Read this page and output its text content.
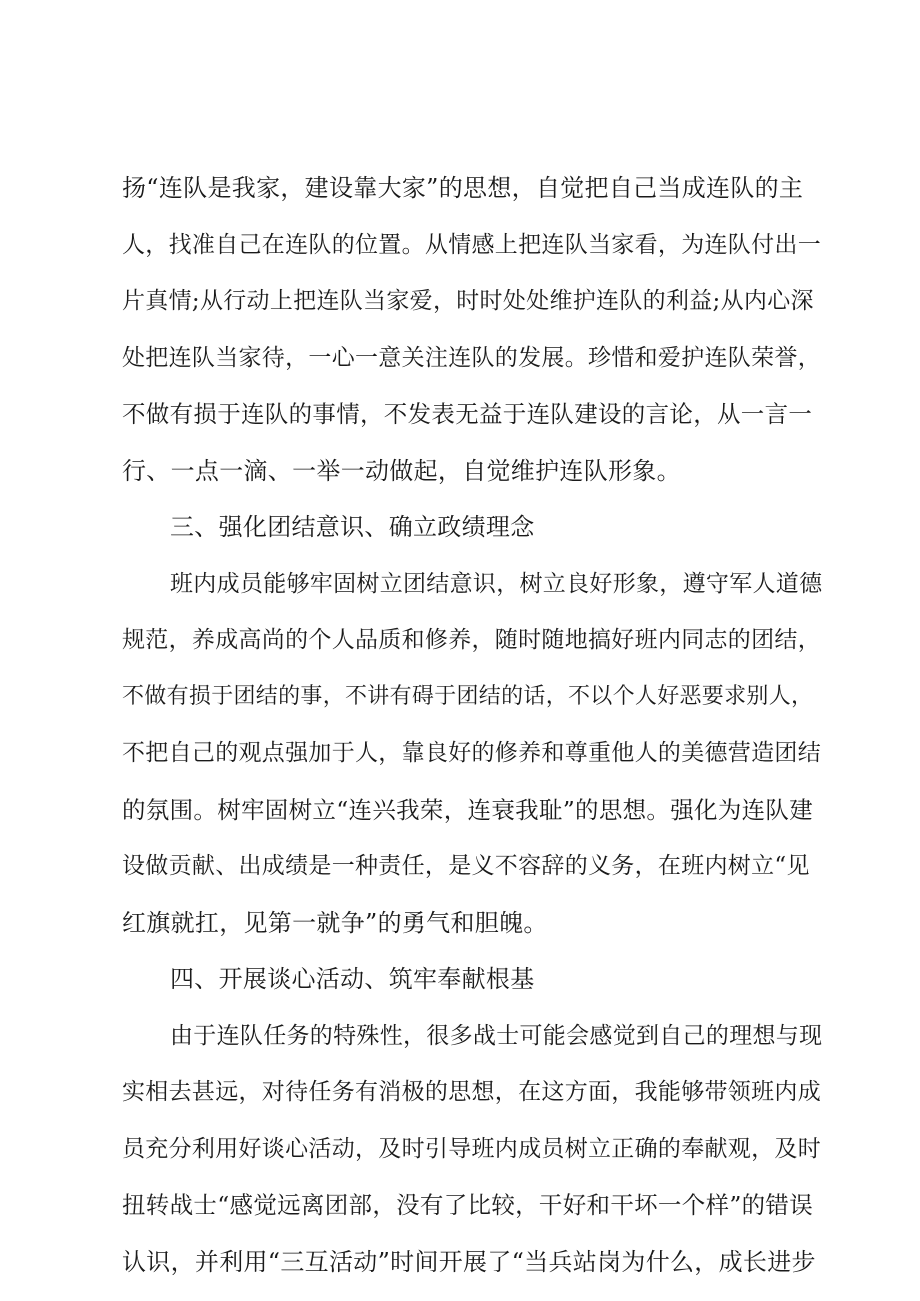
扬“连队是我家，建设靠大家”的思想，自觉把自己当成连队的主
人，找准自己在连队的位置。从情感上把连队当家看，为连队付出一
片真情;从行动上把连队当家爱，时时处处维护连队的利益;从内心深
处把连队当家待，一心一意关注连队的发展。珍惜和爱护连队荣誉，
不做有损于连队的事情，不发表无益于连队建设的言论，从一言一
行、一点一滴、一举一动做起，自觉维护连队形象。
三、强化团结意识、确立政绩理念
班内成员能够牢固树立团结意识，树立良好形象，遵守军人道德
规范，养成高尚的个人品质和修养，随时随地搞好班内同志的团结，
不做有损于团结的事，不讲有碍于团结的话，不以个人好恶要求别人，
不把自己的观点强加于人，靠良好的修养和尊重他人的美德营造团结
的氛围。树牢固树立“连兴我荣，连衰我耻”的思想。强化为连队建
设做贡献、出成绩是一种责任，是义不容辞的义务，在班内树立“见
红旗就扛，见第一就争”的勇气和胆魄。
四、开展谈心活动、筑牢奉献根基
由于连队任务的特殊性，很多战士可能会感觉到自己的理想与现
实相去甚远，对待任务有消极的思想，在这方面，我能够带领班内成
员充分利用好谈心活动，及时引导班内成员树立正确的奉献观，及时
扭转战士“感觉远离团部，没有了比较，干好和干坏一个样”的错误
认识，并利用“三互活动”时间开展了“当兵站岗为什么，成长进步
